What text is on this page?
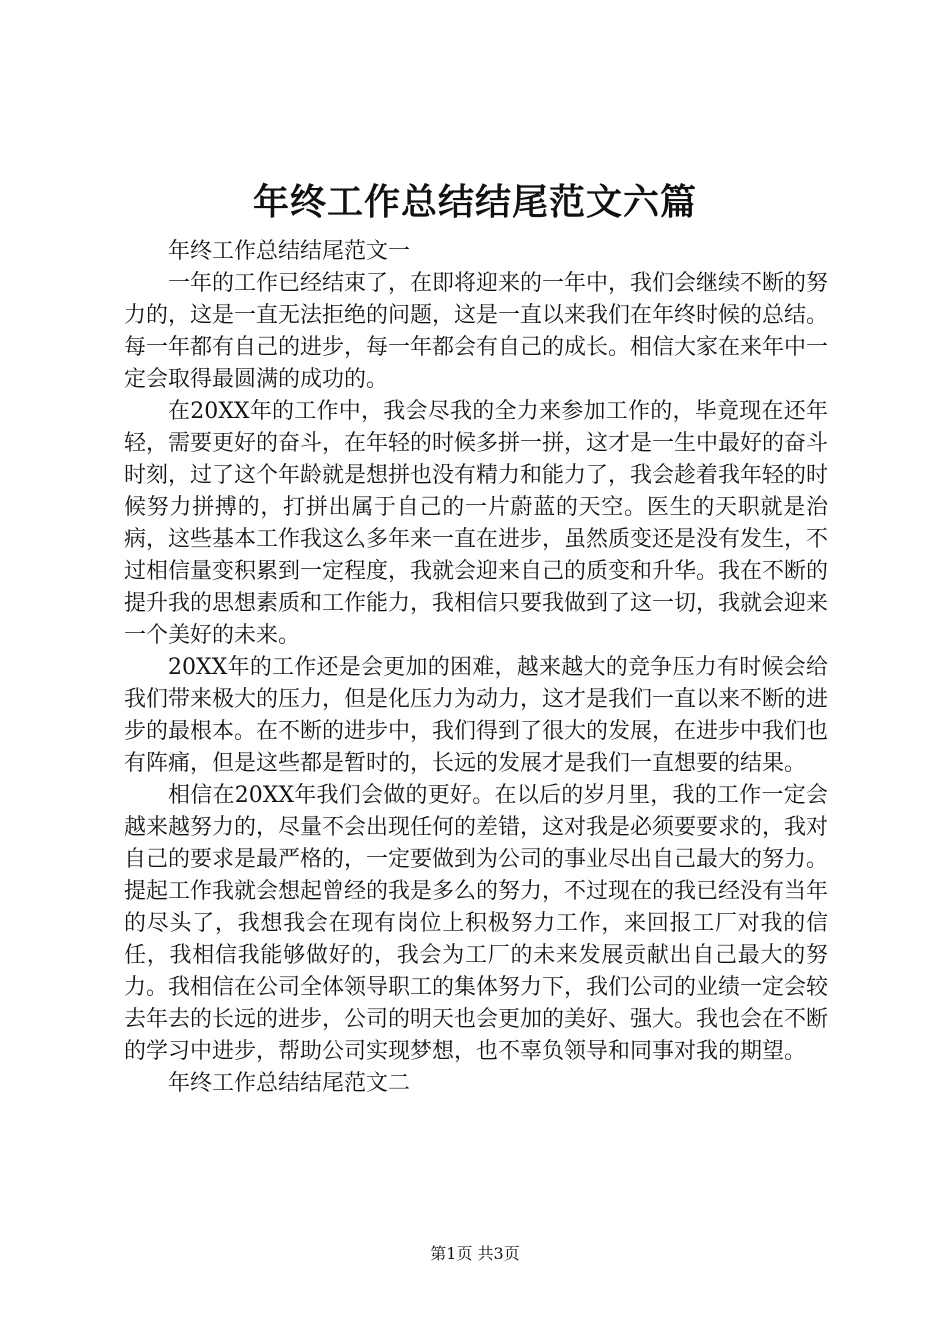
年终工作总结结尾范文六篇

年终工作总结结尾范文一

一年的工作已经结束了，在即将迎来的一年中，我们会继续不断的努力的，这是一直无法拒绝的问题，这是一直以来我们在年终时候的总结。每一年都有自己的进步，每一年都会有自己的成长。相信大家在来年中一定会取得最圆满的成功的。

在20XX年的工作中，我会尽我的全力来参加工作的，毕竟现在还年轻，需要更好的奋斗，在年轻的时候多拼一拼，这才是一生中最好的奋斗时刻，过了这个年龄就是想拼也没有精力和能力了，我会趁着我年轻的时候努力拼搏的，打拼出属于自己的一片蔚蓝的天空。医生的天职就是治病，这些基本工作我这么多年来一直在进步，虽然质变还是没有发生，不过相信量变积累到一定程度，我就会迎来自己的质变和升华。我在不断的提升我的思想素质和工作能力，我相信只要我做到了这一切，我就会迎来一个美好的未来。

20XX年的工作还是会更加的困难，越来越大的竞争压力有时候会给我们带来极大的压力，但是化压力为动力，这才是我们一直以来不断的进步的最根本。在不断的进步中，我们得到了很大的发展，在进步中我们也有阵痛，但是这些都是暂时的，长远的发展才是我们一直想要的结果。

相信在20XX年我们会做的更好。在以后的岁月里，我的工作一定会越来越努力的，尽量不会出现任何的差错，这对我是必须要要求的，我对自己的要求是最严格的，一定要做到为公司的事业尽出自己最大的努力。提起工作我就会想起曾经的我是多么的努力，不过现在的我已经没有当年的尽头了，我想我会在现有岗位上积极努力工作，来回报工厂对我的信任，我相信我能够做好的，我会为工厂的未来发展贡献出自己最大的努力。我相信在公司全体领导职工的集体努力下，我们公司的业绩一定会较去年去的长远的进步，公司的明天也会更加的美好、强大。我也会在不断的学习中进步，帮助公司实现梦想，也不辜负领导和同事对我的期望。

年终工作总结结尾范文二

第1页 共3页
